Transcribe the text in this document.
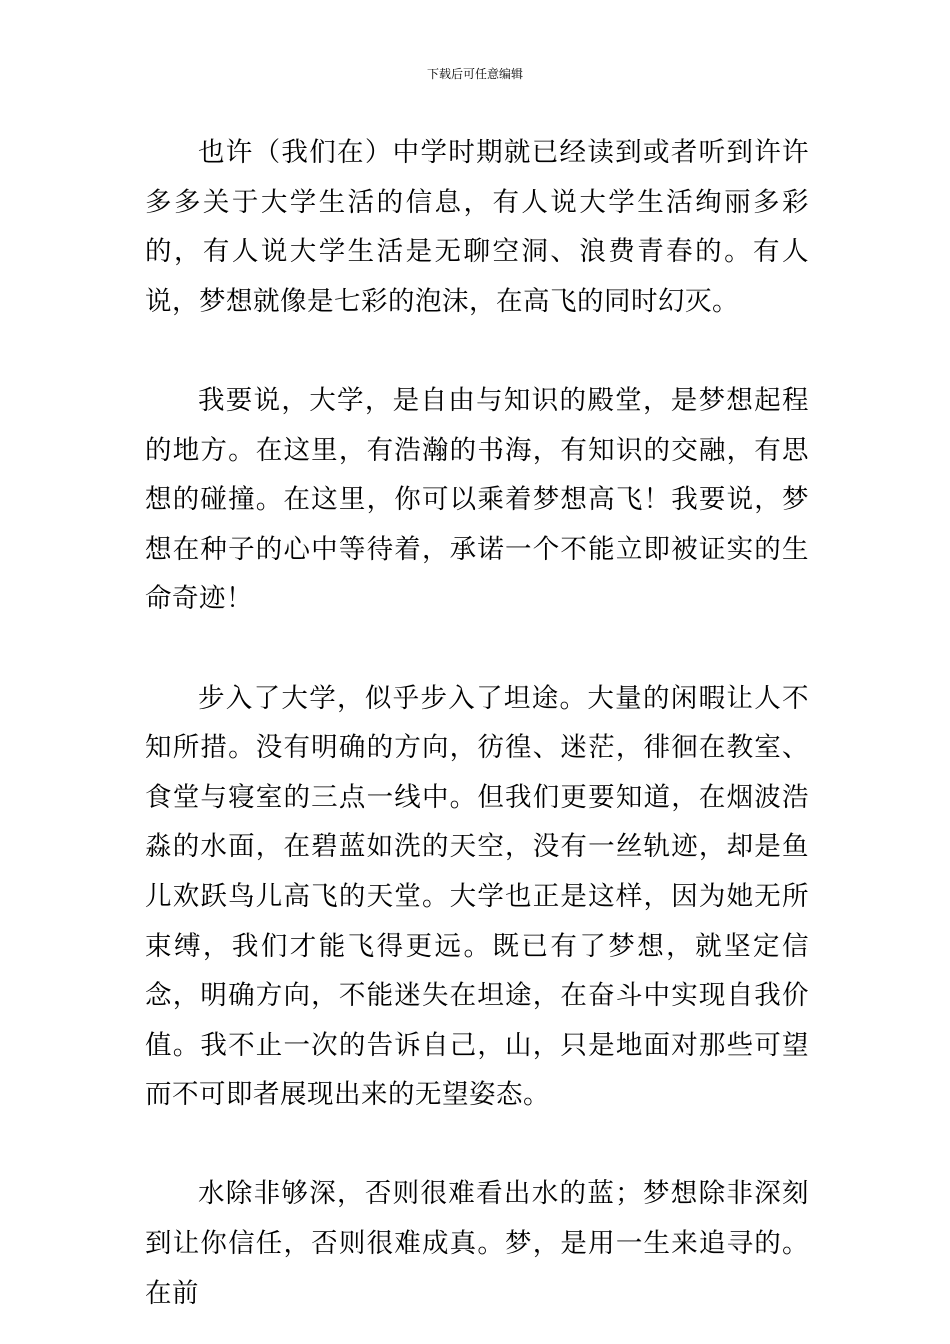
下载后可任意编辑

也许（我们在）中学时期就已经读到或者听到许许多多关于大学生活的信息，有人说大学生活绚丽多彩的，有人说大学生活是无聊空洞、浪费青春的。有人说，梦想就像是七彩的泡沫，在高飞的同时幻灭。

我要说，大学，是自由与知识的殿堂，是梦想起程的地方。在这里，有浩瀚的书海，有知识的交融，有思想的碰撞。在这里，你可以乘着梦想高飞！我要说，梦想在种子的心中等待着，承诺一个不能立即被证实的生命奇迹！

步入了大学，似乎步入了坦途。大量的闲暇让人不知所措。没有明确的方向，彷徨、迷茫，徘徊在教室、食堂与寝室的三点一线中。但我们更要知道，在烟波浩淼的水面，在碧蓝如洗的天空，没有一丝轨迹，却是鱼儿欢跃鸟儿高飞的天堂。大学也正是这样，因为她无所束缚，我们才能飞得更远。既已有了梦想，就坚定信念，明确方向，不能迷失在坦途，在奋斗中实现自我价值。我不止一次的告诉自己，山，只是地面对那些可望而不可即者展现出来的无望姿态。

水除非够深，否则很难看出水的蓝；梦想除非深刻到让你信任，否则很难成真。梦，是用一生来追寻的。在前
